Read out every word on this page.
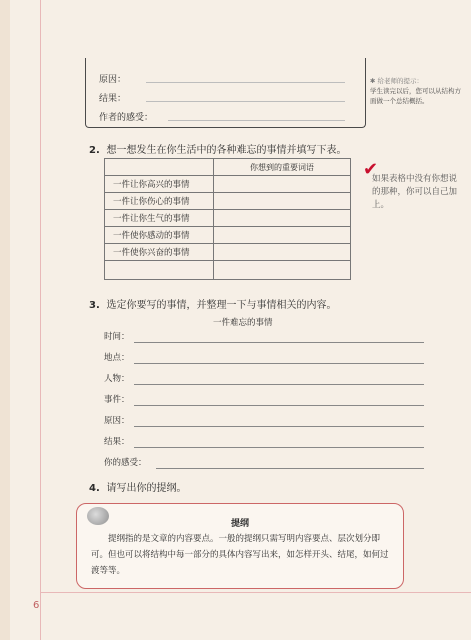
6
原因：
结果：
作者的感受：
✱ 给老师的提示：
学生读完以后，您可以从结构方面做一个总结概括。
2. 想一想发生在你生活中的各种难忘的事情并填写下表。
	你想到的重要词语
一件让你高兴的事情	
一件让你伤心的事情	
一件让你生气的事情	
一件使你感动的事情	
一件使你兴奋的事情	

✔
如果表格中没有你想说的那种，你可以自己加上。
3. 选定你要写的事情，并整理一下与事情相关的内容。
一件难忘的事情
时间：
地点：
人物：
事件：
原因：
结果：
你的感受：
4. 请写出你的提纲。
提纲
提纲指的是文章的内容要点。一般的提纲只需写明内容要点、层次划分即可。但也可以将结构中每一部分的具体内容写出来，如怎样开头、结尾，如何过渡等等。
